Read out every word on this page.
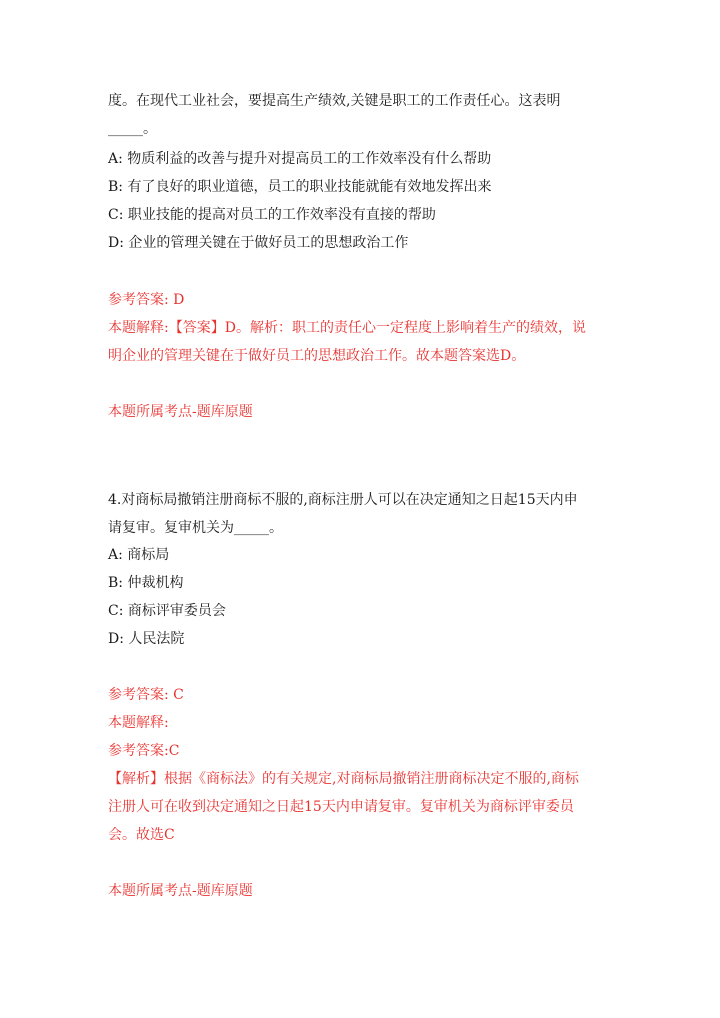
度。在现代工业社会，要提高生产绩效,关键是职工的工作责任心。这表明
_____。
A: 物质利益的改善与提升对提高员工的工作效率没有什么帮助
B: 有了良好的职业道德，员工的职业技能就能有效地发挥出来
C: 职业技能的提高对员工的工作效率没有直接的帮助
D: 企业的管理关键在于做好员工的思想政治工作
参考答案: D
本题解释:【答案】D。解析：职工的责任心一定程度上影响着生产的绩效，说
明企业的管理关键在于做好员工的思想政治工作。故本题答案选D。
本题所属考点-题库原题
4.对商标局撤销注册商标不服的,商标注册人可以在决定通知之日起15天内申
请复审。复审机关为_____。
A: 商标局
B: 仲裁机构
C: 商标评审委员会
D: 人民法院
参考答案: C
本题解释:
参考答案:C
【解析】根据《商标法》的有关规定,对商标局撤销注册商标决定不服的,商标
注册人可在收到决定通知之日起15天内申请复审。复审机关为商标评审委员
会。故选C
本题所属考点-题库原题
